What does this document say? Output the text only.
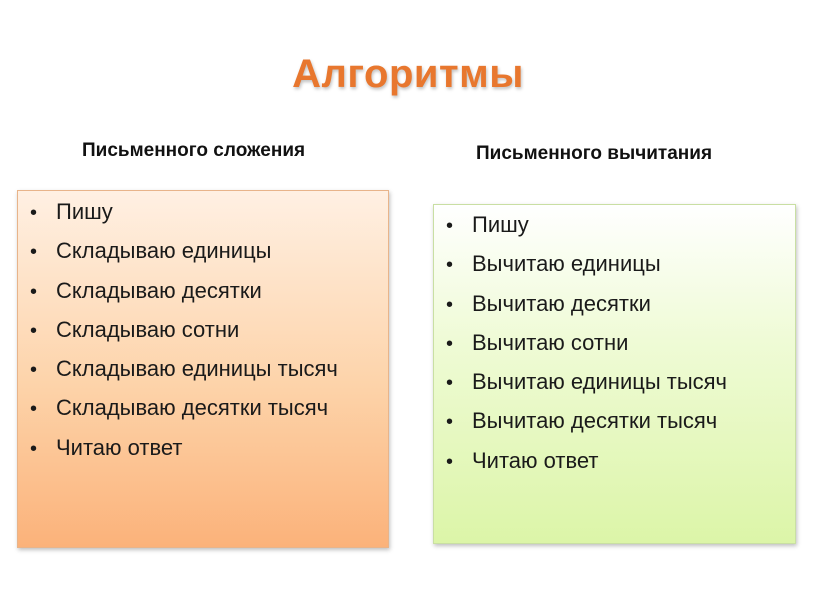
Алгоритмы
Письменного сложения	Письменного вычитания
• Пишу
• Складываю единицы
• Складываю десятки
• Складываю сотни
• Складываю единицы тысяч
• Складываю десятки тысяч
• Читаю ответ
• Пишу
• Вычитаю единицы
• Вычитаю десятки
• Вычитаю сотни
• Вычитаю единицы тысяч
• Вычитаю десятки тысяч
• Читаю ответ
